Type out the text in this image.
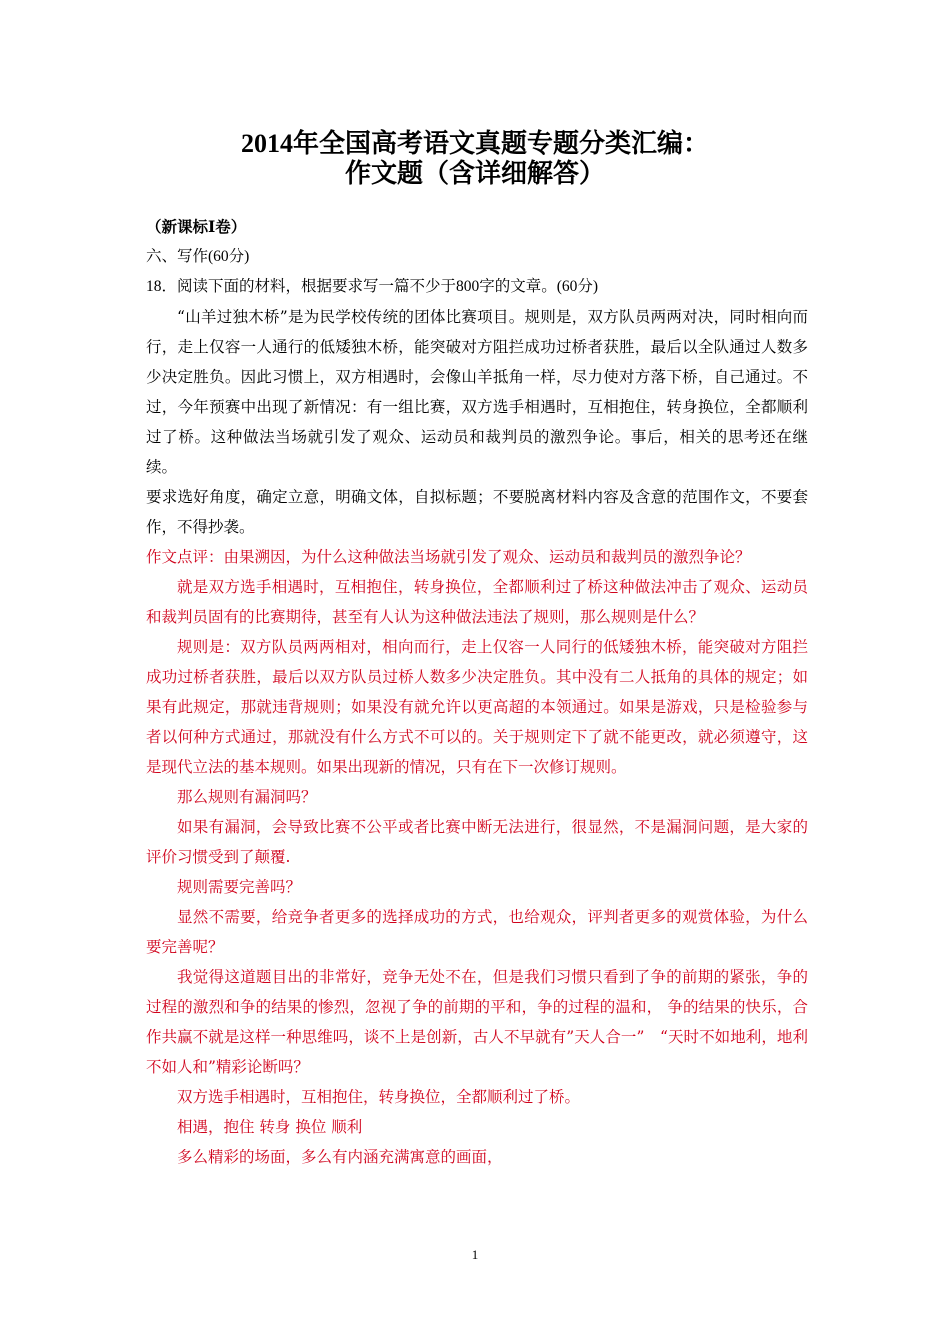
2014年全国高考语文真题专题分类汇编：
作文题（含详细解答）

（新课标Ⅰ卷）

六、写作(60分)

18．阅读下面的材料，根据要求写一篇不少于800字的文章。(60分)

“山羊过独木桥”是为民学校传统的团体比赛项目。规则是，双方队员两两对决，同时相向而行，走上仅容一人通行的低矮独木桥，能突破对方阻拦成功过桥者获胜，最后以全队通过人数多少决定胜负。因此习惯上，双方相遇时，会像山羊抵角一样，尽力使对方落下桥，自己通过。不过，今年预赛中出现了新情况：有一组比赛，双方选手相遇时，互相抱住，转身换位，全都顺利过了桥。这种做法当场就引发了观众、运动员和裁判员的激烈争论。事后，相关的思考还在继续。

要求选好角度，确定立意，明确文体，自拟标题；不要脱离材料内容及含意的范围作文，不要套作，不得抄袭。

作文点评：由果溯因，为什么这种做法当场就引发了观众、运动员和裁判员的激烈争论？

就是双方选手相遇时，互相抱住，转身换位，全都顺利过了桥这种做法冲击了观众、运动员和裁判员固有的比赛期待，甚至有人认为这种做法违法了规则，那么规则是什么？

规则是：双方队员两两相对，相向而行，走上仅容一人同行的低矮独木桥，能突破对方阻拦成功过桥者获胜，最后以双方队员过桥人数多少决定胜负。其中没有二人抵角的具体的规定；如果有此规定，那就违背规则；如果没有就允许以更高超的本领通过。如果是游戏，只是检验参与者以何种方式通过，那就没有什么方式不可以的。关于规则定下了就不能更改，就必须遵守，这是现代立法的基本规则。如果出现新的情况，只有在下一次修订规则。

那么规则有漏洞吗？

如果有漏洞，会导致比赛不公平或者比赛中断无法进行，很显然，不是漏洞问题，是大家的评价习惯受到了颠覆.

规则需要完善吗？

显然不需要，给竞争者更多的选择成功的方式，也给观众，评判者更多的观赏体验，为什么要完善呢？

我觉得这道题目出的非常好，竞争无处不在，但是我们习惯只看到了争的前期的紧张，争的过程的激烈和争的结果的惨烈，忽视了争的前期的平和，争的过程的温和， 争的结果的快乐，合作共赢不就是这样一种思维吗，谈不上是创新，古人不早就有”天人合一”　“天时不如地利，地利不如人和”精彩论断吗？

双方选手相遇时，互相抱住，转身换位，全都顺利过了桥。

相遇，抱住 转身 换位 顺利

多么精彩的场面，多么有内涵充满寓意的画面，

1
